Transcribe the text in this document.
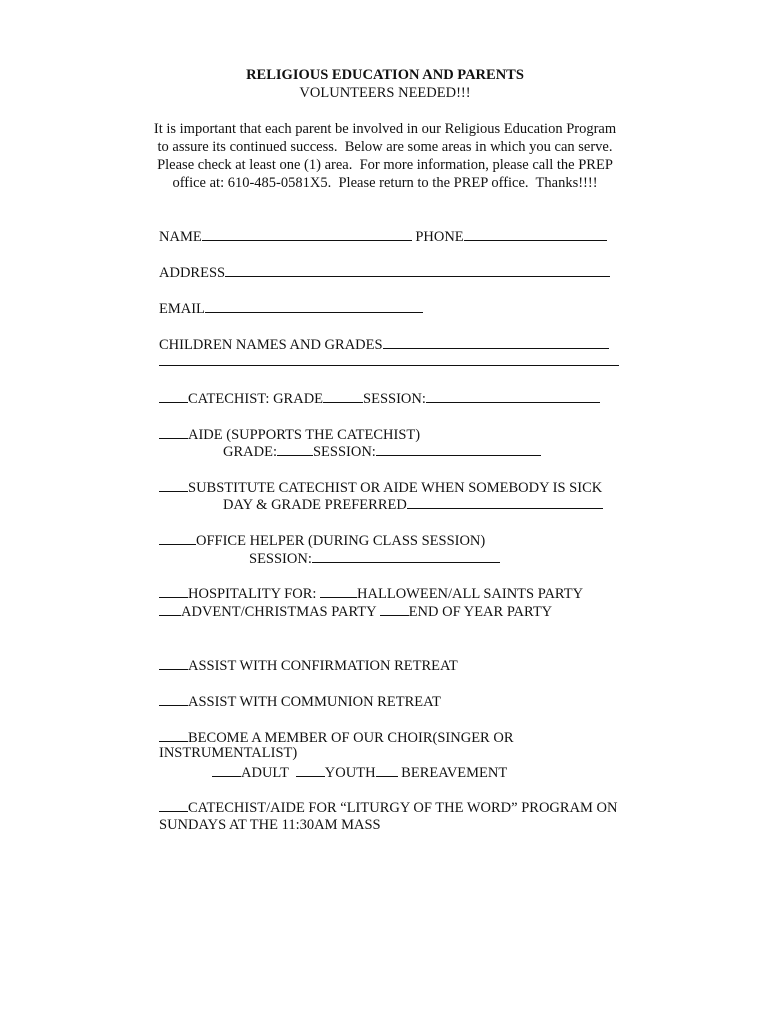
RELIGIOUS EDUCATION AND PARENTS
VOLUNTEERS NEEDED!!!
It is important that each parent be involved in our Religious Education Program
to assure its continued success.  Below are some areas in which you can serve.
Please check at least one (1) area.  For more information, please call the PREP
office at: 610-485-0581X5.  Please return to the PREP office.  Thanks!!!!
NAME	PHONE
ADDRESS
EMAIL
CHILDREN NAMES AND GRADES
CATECHIST: GRADE	SESSION:
AIDE (SUPPORTS THE CATECHIST)
GRADE: SESSION:
SUBSTITUTE CATECHIST OR AIDE WHEN SOMEBODY IS SICK
DAY & GRADE PREFERRED
OFFICE HELPER (DURING CLASS SESSION)
SESSION:
HOSPITALITY FOR:	HALLOWEEN/ALL SAINTS PARTY
ADVENT/CHRISTMAS PARTY END OF YEAR PARTY
ASSIST WITH CONFIRMATION RETREAT
ASSIST WITH COMMUNION RETREAT
BECOME A MEMBER OF OUR CHOIR(SINGER OR
INSTRUMENTALIST)
ADULT  YOUTH BEREAVEMENT
CATECHIST/AIDE FOR “LITURGY OF THE WORD” PROGRAM ON
SUNDAYS AT THE 11:30AM MASS
